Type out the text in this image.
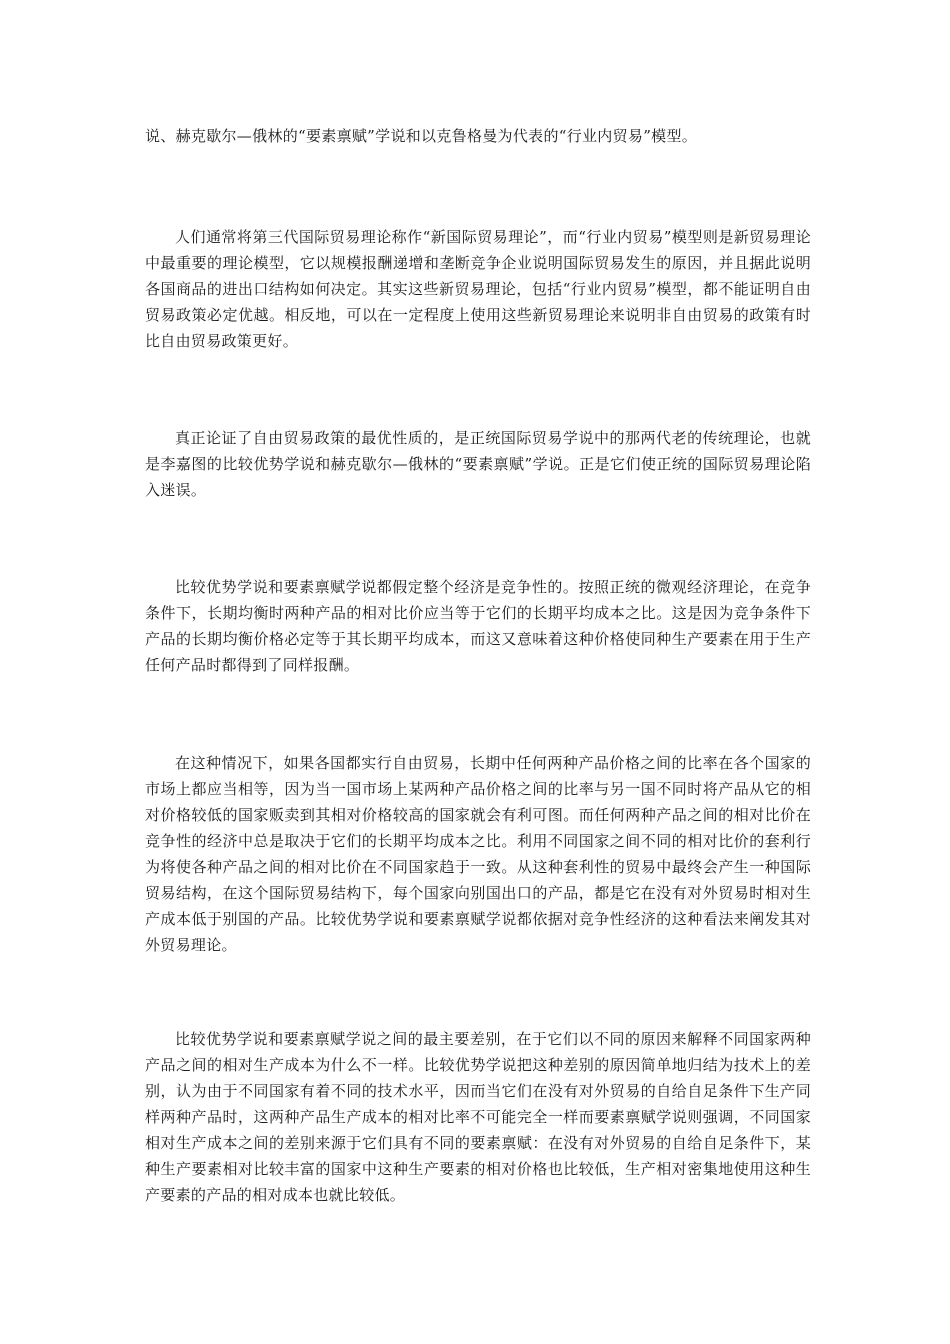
说、赫克歇尔—俄林的“要素禀赋”学说和以克鲁格曼为代表的“行业内贸易”模型。

人们通常将第三代国际贸易理论称作“新国际贸易理论”，而“行业内贸易”模型则是新贸易理论中最重要的理论模型，它以规模报酬递增和垄断竞争企业说明国际贸易发生的原因，并且据此说明各国商品的进出口结构如何决定。其实这些新贸易理论，包括“行业内贸易”模型，都不能证明自由贸易政策必定优越。相反地，可以在一定程度上使用这些新贸易理论来说明非自由贸易的政策有时比自由贸易政策更好。

真正论证了自由贸易政策的最优性质的，是正统国际贸易学说中的那两代老的传统理论，也就是李嘉图的比较优势学说和赫克歇尔—俄林的“要素禀赋”学说。正是它们使正统的国际贸易理论陷入迷误。

比较优势学说和要素禀赋学说都假定整个经济是竞争性的。按照正统的微观经济理论，在竞争条件下，长期均衡时两种产品的相对比价应当等于它们的长期平均成本之比。这是因为竞争条件下产品的长期均衡价格必定等于其长期平均成本，而这又意味着这种价格使同种生产要素在用于生产任何产品时都得到了同样报酬。

在这种情况下，如果各国都实行自由贸易，长期中任何两种产品价格之间的比率在各个国家的市场上都应当相等，因为当一国市场上某两种产品价格之间的比率与另一国不同时将产品从它的相对价格较低的国家贩卖到其相对价格较高的国家就会有利可图。而任何两种产品之间的相对比价在竞争性的经济中总是取决于它们的长期平均成本之比。利用不同国家之间不同的相对比价的套利行为将使各种产品之间的相对比价在不同国家趋于一致。从这种套利性的贸易中最终会产生一种国际贸易结构，在这个国际贸易结构下，每个国家向别国出口的产品，都是它在没有对外贸易时相对生产成本低于别国的产品。比较优势学说和要素禀赋学说都依据对竞争性经济的这种看法来阐发其对外贸易理论。

比较优势学说和要素禀赋学说之间的最主要差别，在于它们以不同的原因来解释不同国家两种产品之间的相对生产成本为什么不一样。比较优势学说把这种差别的原因简单地归结为技术上的差别，认为由于不同国家有着不同的技术水平，因而当它们在没有对外贸易的自给自足条件下生产同样两种产品时，这两种产品生产成本的相对比率不可能完全一样而要素禀赋学说则强调，不同国家相对生产成本之间的差别来源于它们具有不同的要素禀赋：在没有对外贸易的自给自足条件下，某种生产要素相对比较丰富的国家中这种生产要素的相对价格也比较低，生产相对密集地使用这种生产要素的产品的相对成本也就比较低。
